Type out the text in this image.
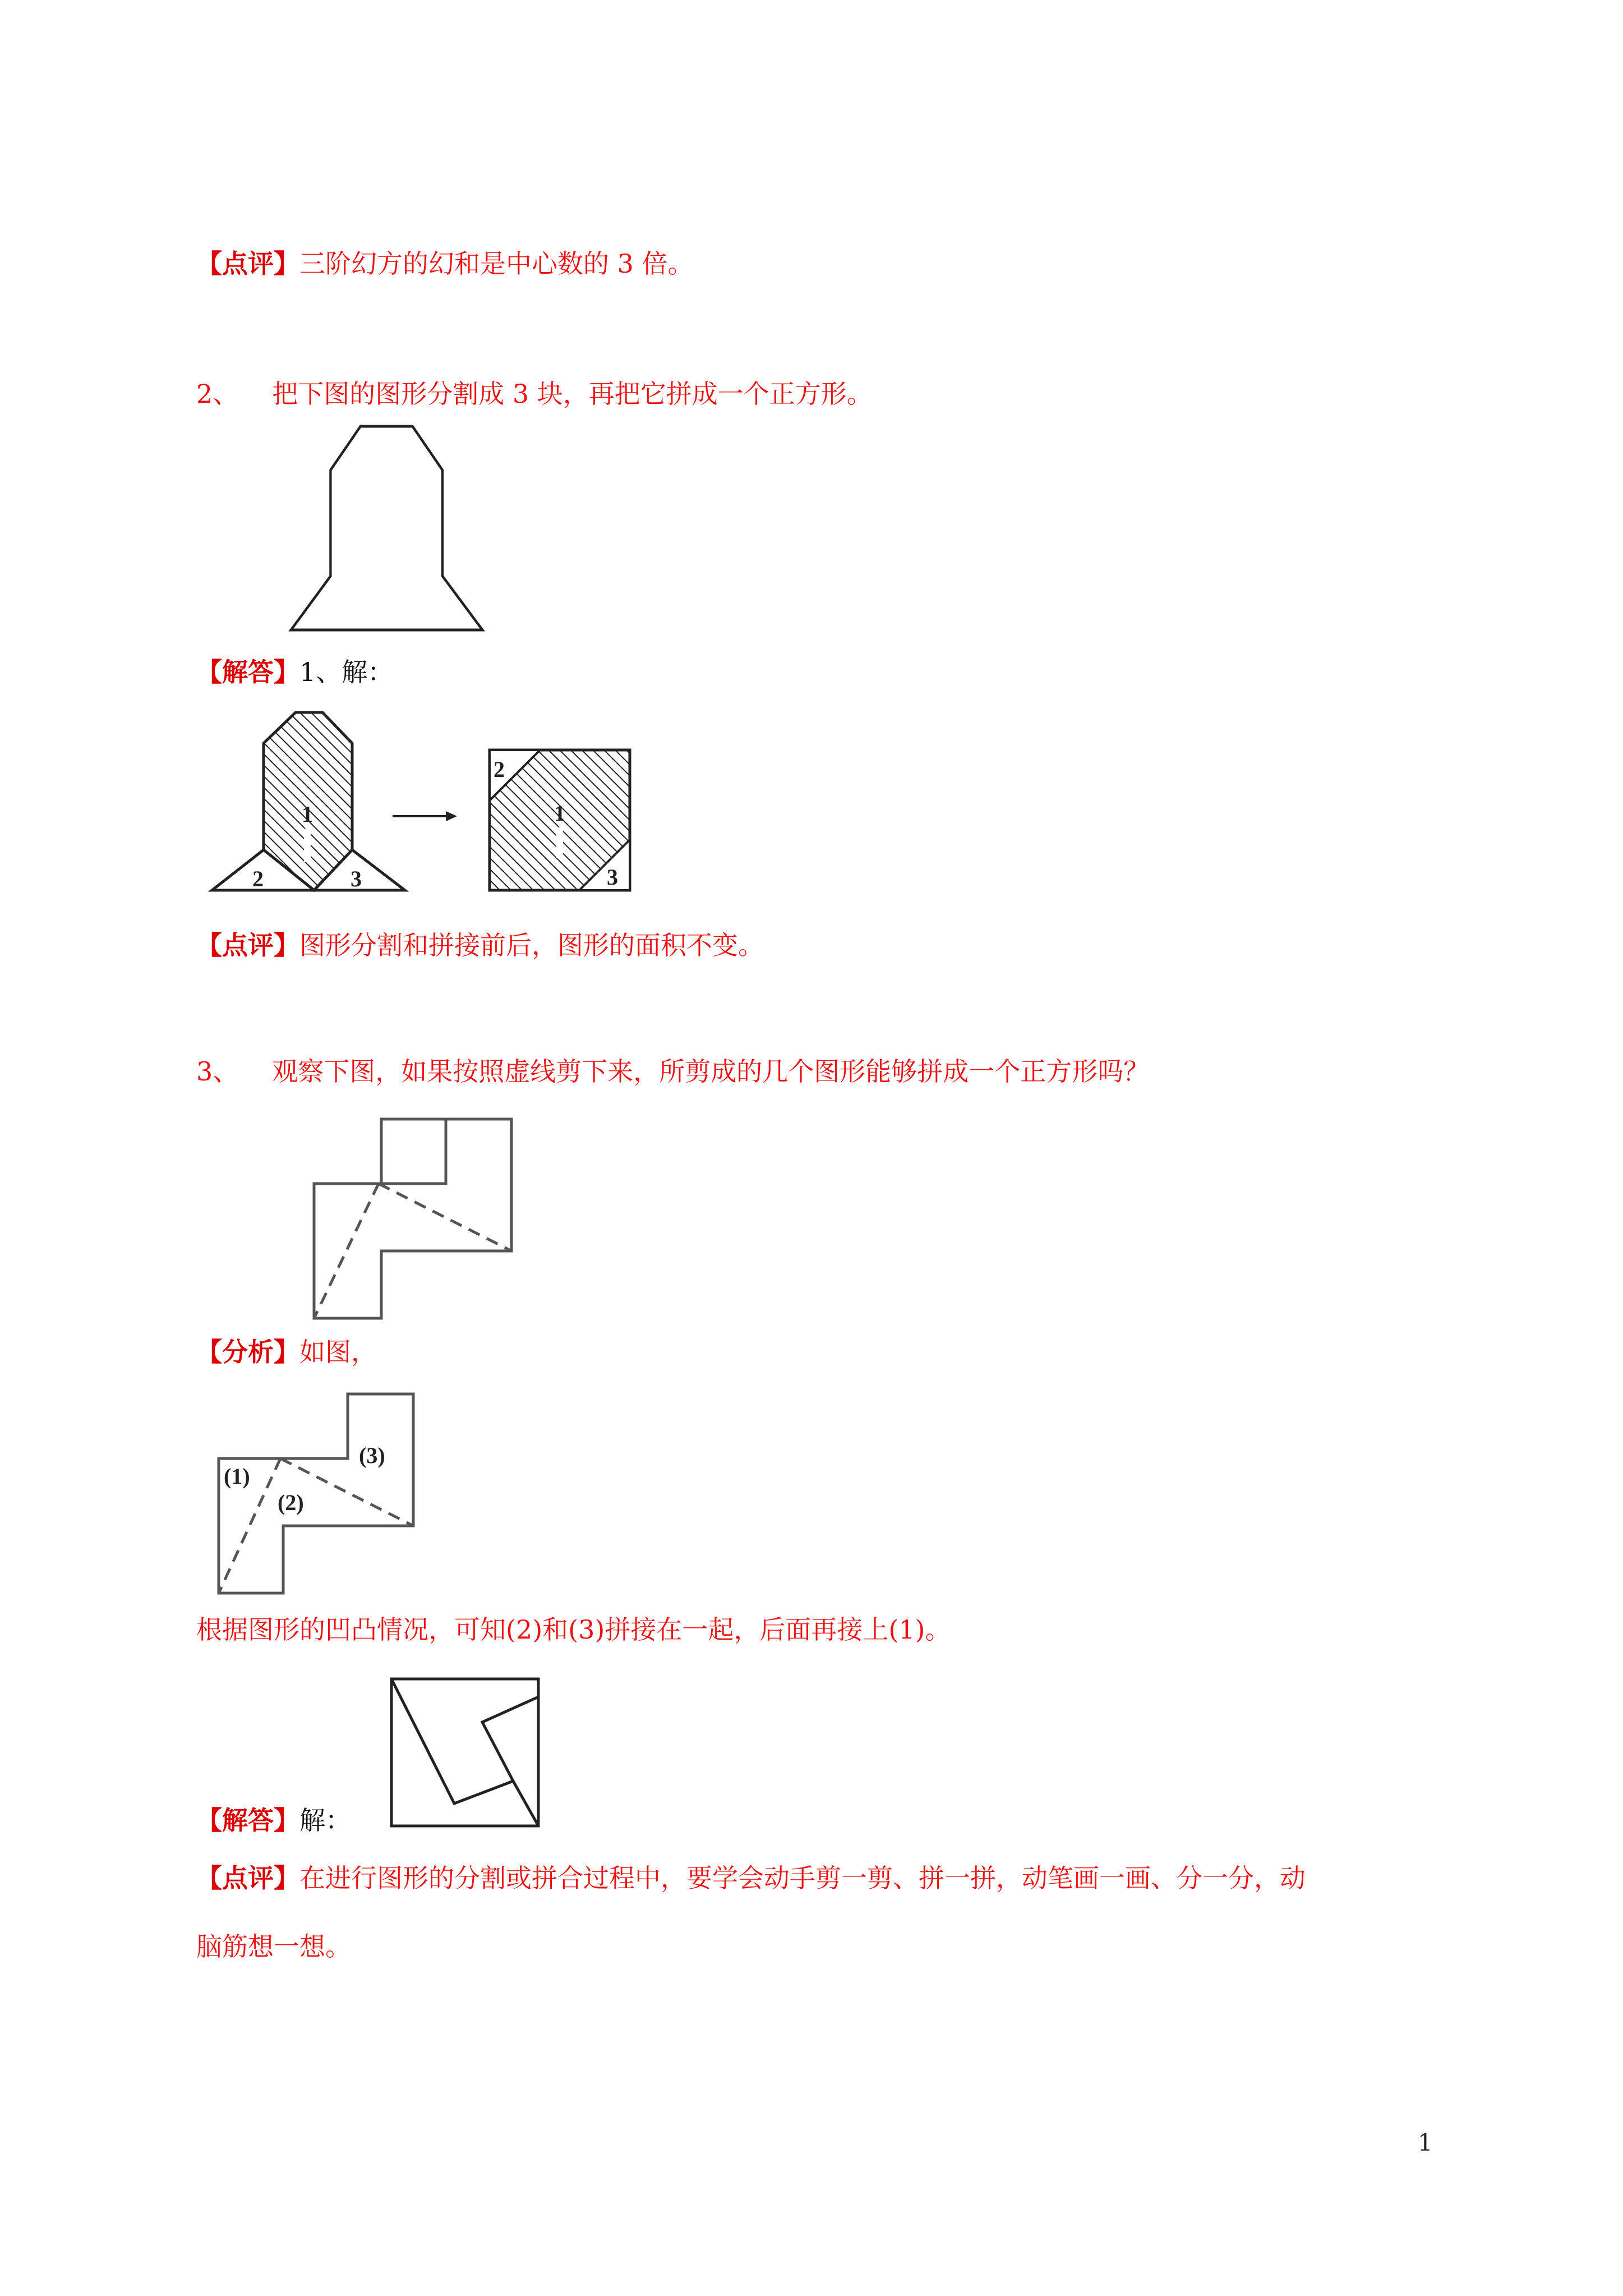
【点评】三阶幻方的幻和是中心数的 3 倍。
2、 把下图的图形分割成 3 块，再把它拼成一个正方形。
【解答】1、解：
1
2	3
2
1
3
【点评】图形分割和拼接前后，图形的面积不变。
3、 观察下图，如果按照虚线剪下来，所剪成的几个图形能够拼成一个正方形吗？
【分析】如图，
(1)
(2)
(3)
根据图形的凹凸情况，可知(2)和(3)拼接在一起，后面再接上(1)。
【解答】解：
【点评】在进行图形的分割或拼合过程中，要学会动手剪一剪、拼一拼，动笔画一画、分一分，动
脑筋想一想。
1
